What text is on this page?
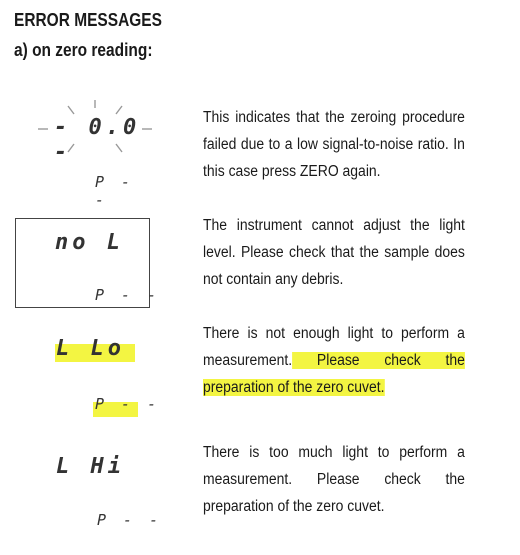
ERROR MESSAGES
a) on zero reading:
- 0.0 -
P - -

This indicates that the zeroing procedure failed due to a low signal-to-noise ratio. In this case press ZERO again.

no L
P - -

The instrument cannot adjust the light level. Please check that the sample does not contain any debris.

L Lo
P - -

There is not enough light to perform a measurement. Please check the preparation of the zero cuvet.

L Hi
P - -

There is too much light to perform a measurement. Please check the preparation of the zero cuvet.
